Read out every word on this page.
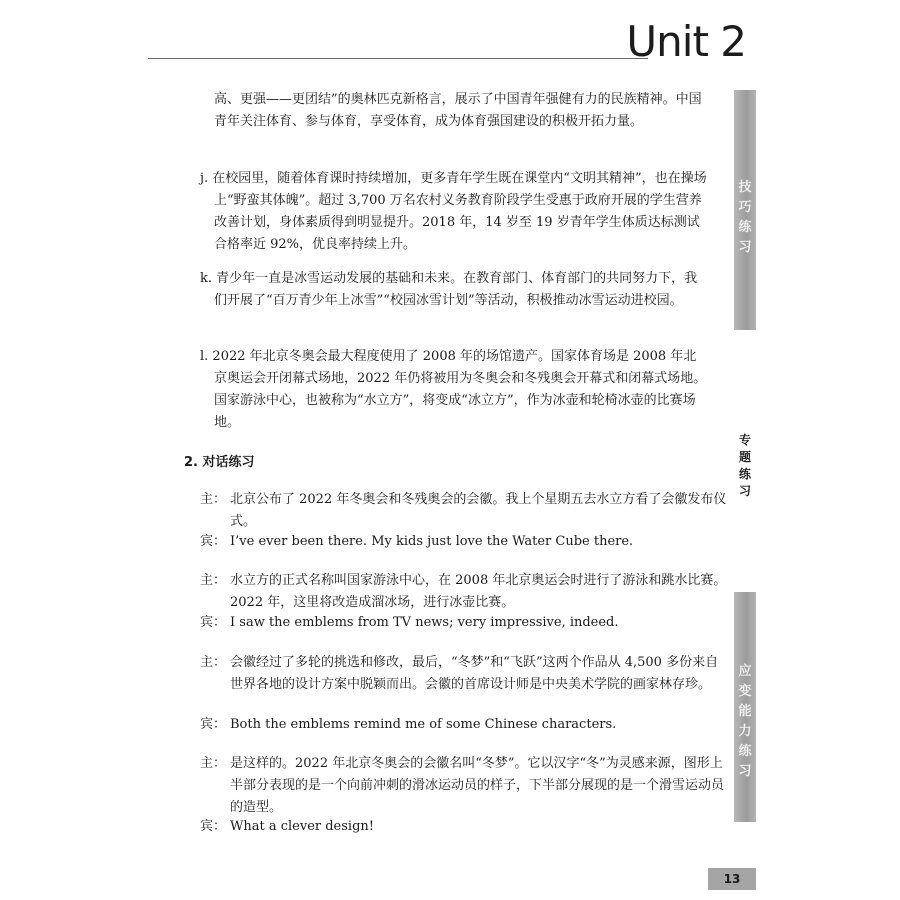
Unit 2
技
巧
练
习
专
题
练
习
应
变
能
力
练
习
高、更强——更团结”的奥林匹克新格言，展示了中国青年强健有力的民族精神。中国青年关注体育、参与体育，享受体育，成为体育强国建设的积极开拓力量。
j. 在校园里，随着体育课时持续增加，更多青年学生既在课堂内“文明其精神”，也在操场上“野蛮其体魄”。超过 3,700 万名农村义务教育阶段学生受惠于政府开展的学生营养改善计划，身体素质得到明显提升。2018 年，14 岁至 19 岁青年学生体质达标测试合格率近 92%，优良率持续上升。
k. 青少年一直是冰雪运动发展的基础和未来。在教育部门、体育部门的共同努力下，我们开展了“百万青少年上冰雪”“校园冰雪计划”等活动，积极推动冰雪运动进校园。
l. 2022 年北京冬奥会最大程度使用了 2008 年的场馆遗产。国家体育场是 2008 年北京奥运会开闭幕式场地，2022 年仍将被用为冬奥会和冬残奥会开幕式和闭幕式场地。国家游泳中心，也被称为“水立方”，将变成“冰立方”，作为冰壶和轮椅冰壶的比赛场地。
2. 对话练习
主： 北京公布了 2022 年冬奥会和冬残奥会的会徽。我上个星期五去水立方看了会徽发布仪式。
宾： I’ve ever been there. My kids just love the Water Cube there.
主： 水立方的正式名称叫国家游泳中心，在 2008 年北京奥运会时进行了游泳和跳水比赛。2022 年，这里将改造成溜冰场，进行冰壶比赛。
宾： I saw the emblems from TV news; very impressive, indeed.
主： 会徽经过了多轮的挑选和修改，最后，“冬梦”和“飞跃”这两个作品从 4,500 多份来自世界各地的设计方案中脱颖而出。会徽的首席设计师是中央美术学院的画家林存珍。
宾： Both the emblems remind me of some Chinese characters.
主： 是这样的。2022 年北京冬奥会的会徽名叫“冬梦”。它以汉字“冬”为灵感来源，图形上半部分表现的是一个向前冲刺的滑冰运动员的样子，下半部分展现的是一个滑雪运动员的造型。
宾： What a clever design!
13
